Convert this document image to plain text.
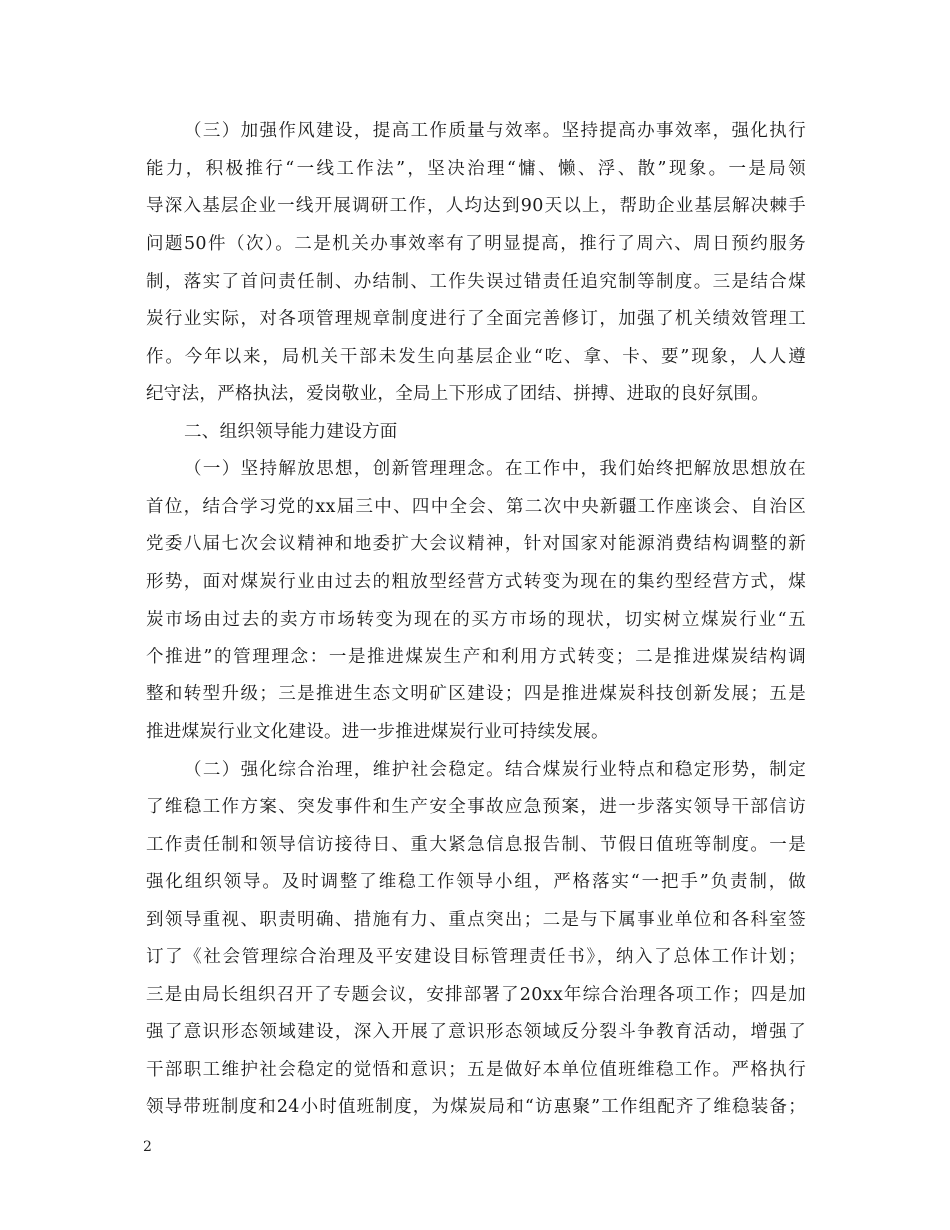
（三）加强作风建设，提高工作质量与效率。坚持提高办事效率，强化执行
能力，积极推行“一线工作法”，坚决治理“慵、懒、浮、散”现象。一是局领
导深入基层企业一线开展调研工作，人均达到90天以上，帮助企业基层解决棘手
问题50件（次）。二是机关办事效率有了明显提高，推行了周六、周日预约服务
制，落实了首问责任制、办结制、工作失误过错责任追究制等制度。三是结合煤
炭行业实际，对各项管理规章制度进行了全面完善修订，加强了机关绩效管理工
作。今年以来，局机关干部未发生向基层企业“吃、拿、卡、要”现象，人人遵
纪守法，严格执法，爱岗敬业，全局上下形成了团结、拼搏、进取的良好氛围。
二、组织领导能力建设方面
（一）坚持解放思想，创新管理理念。在工作中，我们始终把解放思想放在
首位，结合学习党的xx届三中、四中全会、第二次中央新疆工作座谈会、自治区
党委八届七次会议精神和地委扩大会议精神，针对国家对能源消费结构调整的新
形势，面对煤炭行业由过去的粗放型经营方式转变为现在的集约型经营方式，煤
炭市场由过去的卖方市场转变为现在的买方市场的现状，切实树立煤炭行业“五
个推进”的管理理念：一是推进煤炭生产和利用方式转变；二是推进煤炭结构调
整和转型升级；三是推进生态文明矿区建设；四是推进煤炭科技创新发展；五是
推进煤炭行业文化建设。进一步推进煤炭行业可持续发展。
（二）强化综合治理，维护社会稳定。结合煤炭行业特点和稳定形势，制定
了维稳工作方案、突发事件和生产安全事故应急预案，进一步落实领导干部信访
工作责任制和领导信访接待日、重大紧急信息报告制、节假日值班等制度。一是
强化组织领导。及时调整了维稳工作领导小组，严格落实“一把手”负责制，做
到领导重视、职责明确、措施有力、重点突出；二是与下属事业单位和各科室签
订了《社会管理综合治理及平安建设目标管理责任书》，纳入了总体工作计划；
三是由局长组织召开了专题会议，安排部署了20xx年综合治理各项工作；四是加
强了意识形态领域建设，深入开展了意识形态领域反分裂斗争教育活动，增强了
干部职工维护社会稳定的觉悟和意识；五是做好本单位值班维稳工作。严格执行
领导带班制度和24小时值班制度，为煤炭局和“访惠聚”工作组配齐了维稳装备；
2
